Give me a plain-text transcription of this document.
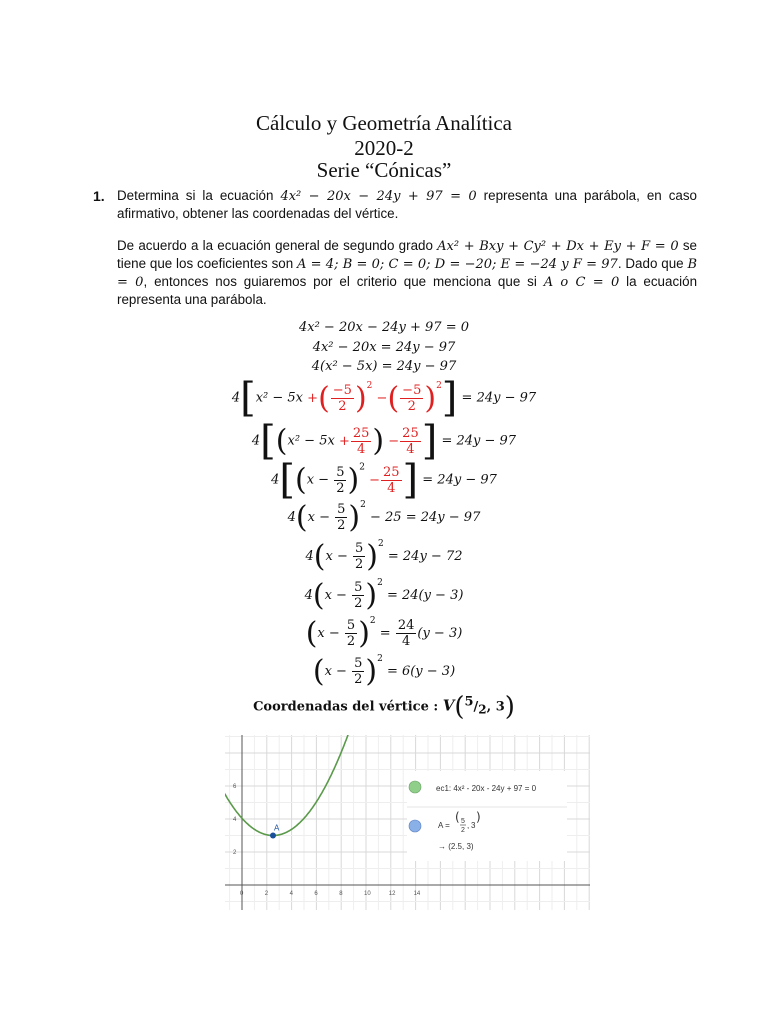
Cálculo y Geometría Analítica
2020-2
Serie “Cónicas”
1. Determina si la ecuación 4x² − 20x − 24y + 97 = 0 representa una parábola, en caso afirmativo, obtener las coordenadas del vértice.
De acuerdo a la ecuación general de segundo grado Ax² + Bxy + Cy² + Dx + Ey + F = 0 se tiene que los coeficientes son A = 4; B = 0; C = 0; D = −20; E = −24 y F = 97. Dado que B = 0, entonces nos guiaremos por el criterio que menciona que si A o C = 0 la ecuación representa una parábola.
4x² − 20x − 24y + 97 = 0
4x² − 20x = 24y − 97
4(x² − 5x) = 24y − 97
4[x² − 5x +( $\frac{-5}{2} )^2$ −( $\frac{-5}{2} )^2] = 24y - 97$
$4[(x^2 - 5x + \frac{25}{4}$ ) − $\frac{25}{4}$ ] = 24y − 97
$4[(x - \frac{5}{2} )^2 - \frac{25}{4}$ ] = 24y − 97
$4(x - \frac{5}{2} )^2 - 25 = 24y - 97$
$4(x - \frac{5}{2} )^2 = 24y - 72$
$4(x - \frac{5}{2} )^2 = 24(y - 3)$
$(x - \frac{5}{2} )^2 = \frac{24}{4} (y - 3)$
$(x - \frac{5}{2} )^2 = 6(y - 3)$
Coordenadas del vértice : V(5/2, 3)
0	2	4	6	8	10	12	14
6
4
2
A
ec1: 4x² - 20x - 24y + 97 = 0
A =
( 5
2
, 3
)
→ (2.5, 3)
